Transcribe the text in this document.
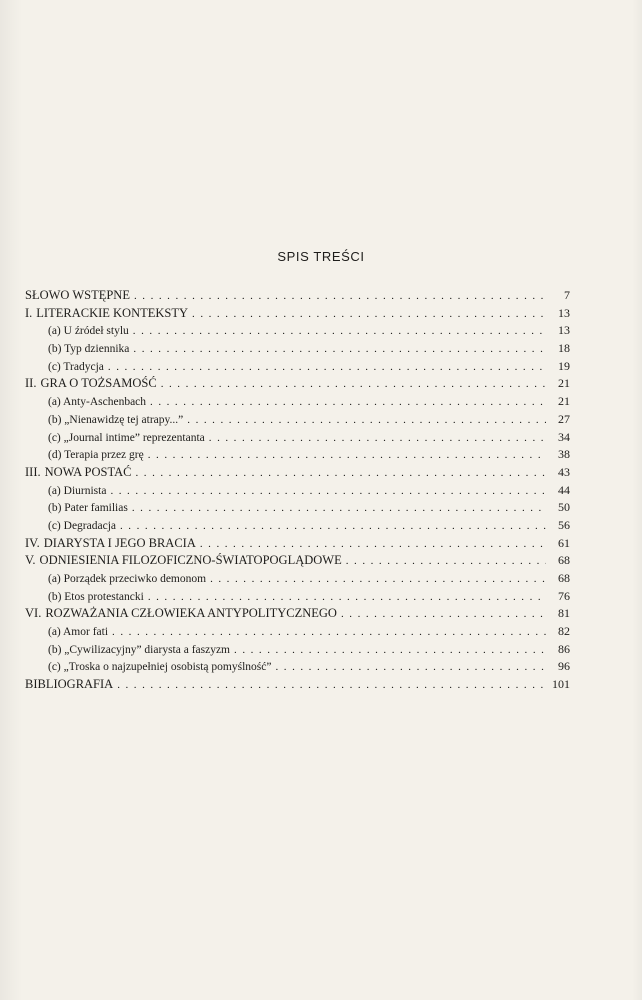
SPIS TREŚCI
SŁOWO WSTĘPNE . . .	7
I. LITERACKIE KONTEKSTY . . .	13
(a) U źródeł stylu . . .	13
(b) Typ dziennika . . .	18
(c) Tradycja . . .	19
II. GRA O TOŻSAMOŚĆ . . .	21
(a) Anty-Aschenbach . . .	21
(b) „Nienawidzę tej atrapy...” . . .	27
(c) „Journal intime” reprezentanta . . .	34
(d) Terapia przez grę . . .	38
III. NOWA POSTAĆ . . .	43
(a) Diurnista . . .	44
(b) Pater familias . . .	50
(c) Degradacja . . .	56
IV. DIARYSTA I JEGO BRACIA . . .	61
V. ODNIESIENIA FILOZOFICZNO-ŚWIATOPOGLĄDOWE . . .	68
(a) Porządek przeciwko demonom . . .	68
(b) Etos protestancki . . .	76
VI. ROZWAŻANIA CZŁOWIEKA ANTYPOLITYCZNEGO . . .	81
(a) Amor fati . . .	82
(b) „Cywilizacyjny” diarysta a faszyzm . . .	86
(c) „Troska o najzupełniej osobistą pomyślność” . . .	96
BIBLIOGRAFIA . . .	101
